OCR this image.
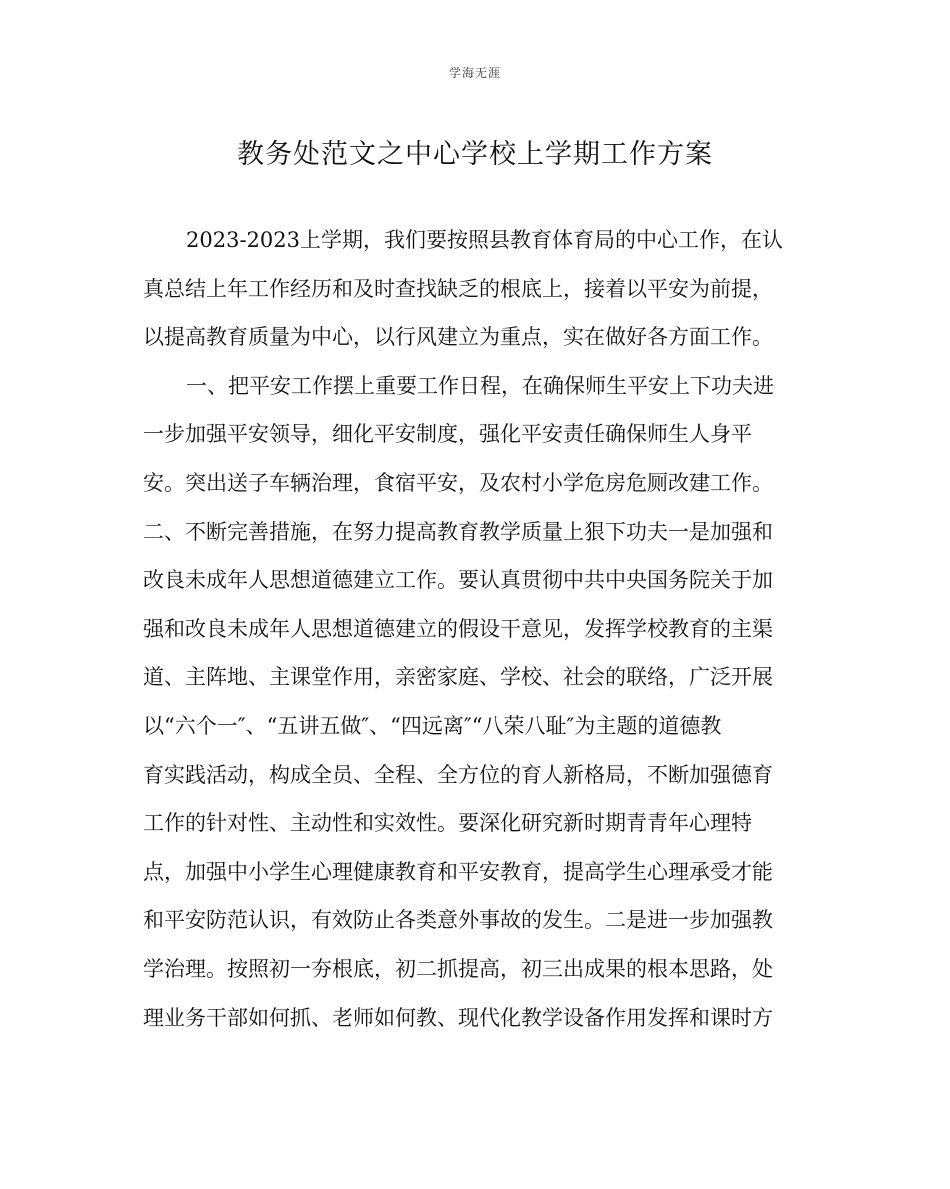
学海无涯
教务处范文之中心学校上学期工作方案
2023-2023上学期，我们要按照县教育体育局的中心工作，在认
真总结上年工作经历和及时查找缺乏的根底上，接着以平安为前提，
以提高教育质量为中心，以行风建立为重点，实在做好各方面工作。
一、把平安工作摆上重要工作日程，在确保师生平安上下功夫进
一步加强平安领导，细化平安制度，强化平安责任确保师生人身平
安。突出送子车辆治理，食宿平安，及农村小学危房危厕改建工作。
二、不断完善措施，在努力提高教育教学质量上狠下功夫一是加强和
改良未成年人思想道德建立工作。要认真贯彻中共中央国务院关于加
强和改良未成年人思想道德建立的假设干意见，发挥学校教育的主渠
道、主阵地、主课堂作用，亲密家庭、学校、社会的联络，广泛开展
以“六个一″、“五讲五做″、“四远离″“八荣八耻″为主题的道德教
育实践活动，构成全员、全程、全方位的育人新格局，不断加强德育
工作的针对性、主动性和实效性。要深化研究新时期青青年心理特
点，加强中小学生心理健康教育和平安教育，提高学生心理承受才能
和平安防范认识，有效防止各类意外事故的发生。二是进一步加强教
学治理。按照初一夯根底，初二抓提高，初三出成果的根本思路，处
理业务干部如何抓、老师如何教、现代化教学设备作用发挥和课时方
